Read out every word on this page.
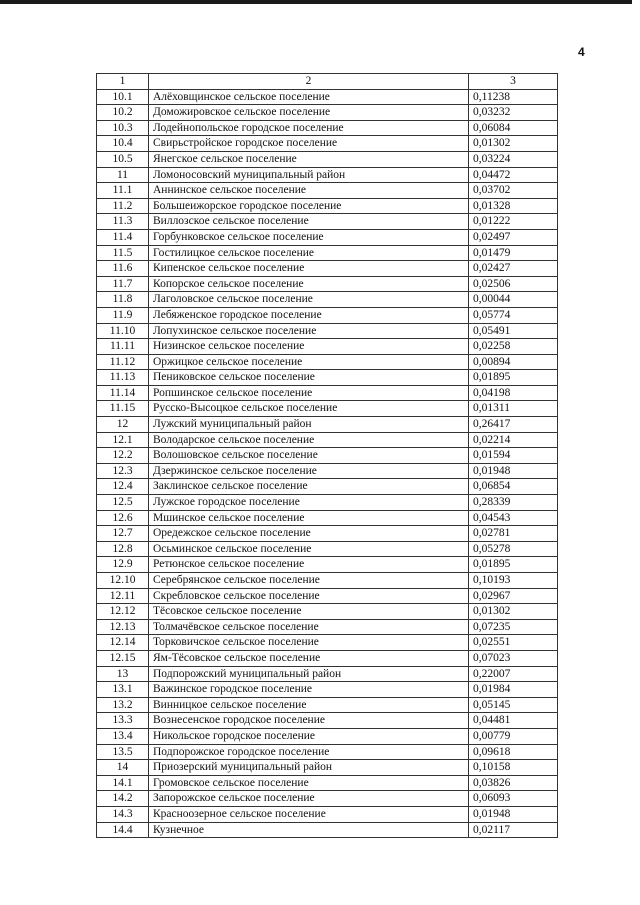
4
1	2	3
10.1	Алёховщинское сельское поселение	0,11238
10.2	Доможировское сельское поселение	0,03232
10.3	Лодейнопольское городское поселение	0,06084
10.4	Свирьстройское городское поселение	0,01302
10.5	Янегское сельское поселение	0,03224
11	Ломоносовский муниципальный район	0,04472
11.1	Аннинское сельское поселение	0,03702
11.2	Большеижорское городское поселение	0,01328
11.3	Виллозское сельское поселение	0,01222
11.4	Горбунковское сельское поселение	0,02497
11.5	Гостилицкое сельское поселение	0,01479
11.6	Кипенское сельское поселение	0,02427
11.7	Копорское сельское поселение	0,02506
11.8	Лаголовское сельское поселение	0,00044
11.9	Лебяженское городское поселение	0,05774
11.10	Лопухинское сельское поселение	0,05491
11.11	Низинское сельское поселение	0,02258
11.12	Оржицкое сельское поселение	0,00894
11.13	Пениковское сельское поселение	0,01895
11.14	Ропшинское сельское поселение	0,04198
11.15	Русско-Высоцкое сельское поселение	0,01311
12	Лужский муниципальный район	0,26417
12.1	Володарское сельское поселение	0,02214
12.2	Волошовское сельское поселение	0,01594
12.3	Дзержинское сельское поселение	0,01948
12.4	Заклинское сельское поселение	0,06854
12.5	Лужское городское поселение	0,28339
12.6	Мшинское сельское поселение	0,04543
12.7	Оредежское сельское поселение	0,02781
12.8	Осьминское сельское поселение	0,05278
12.9	Ретюнское сельское поселение	0,01895
12.10	Серебрянское сельское поселение	0,10193
12.11	Скребловское сельское поселение	0,02967
12.12	Тёсовское сельское поселение	0,01302
12.13	Толмачёвское сельское поселение	0,07235
12.14	Торковичское сельское поселение	0,02551
12.15	Ям-Тёсовское сельское поселение	0,07023
13	Подпорожский муниципальный район	0,22007
13.1	Важинское городское поселение	0,01984
13.2	Винницкое сельское поселение	0,05145
13.3	Вознесенское городское поселение	0,04481
13.4	Никольское городское поселение	0,00779
13.5	Подпорожское городское поселение	0,09618
14	Приозерский муниципальный район	0,10158
14.1	Громовское сельское поселение	0,03826
14.2	Запорожское сельское поселение	0,06093
14.3	Красноозерное сельское поселение	0,01948
14.4	Кузнечное	0,02117
